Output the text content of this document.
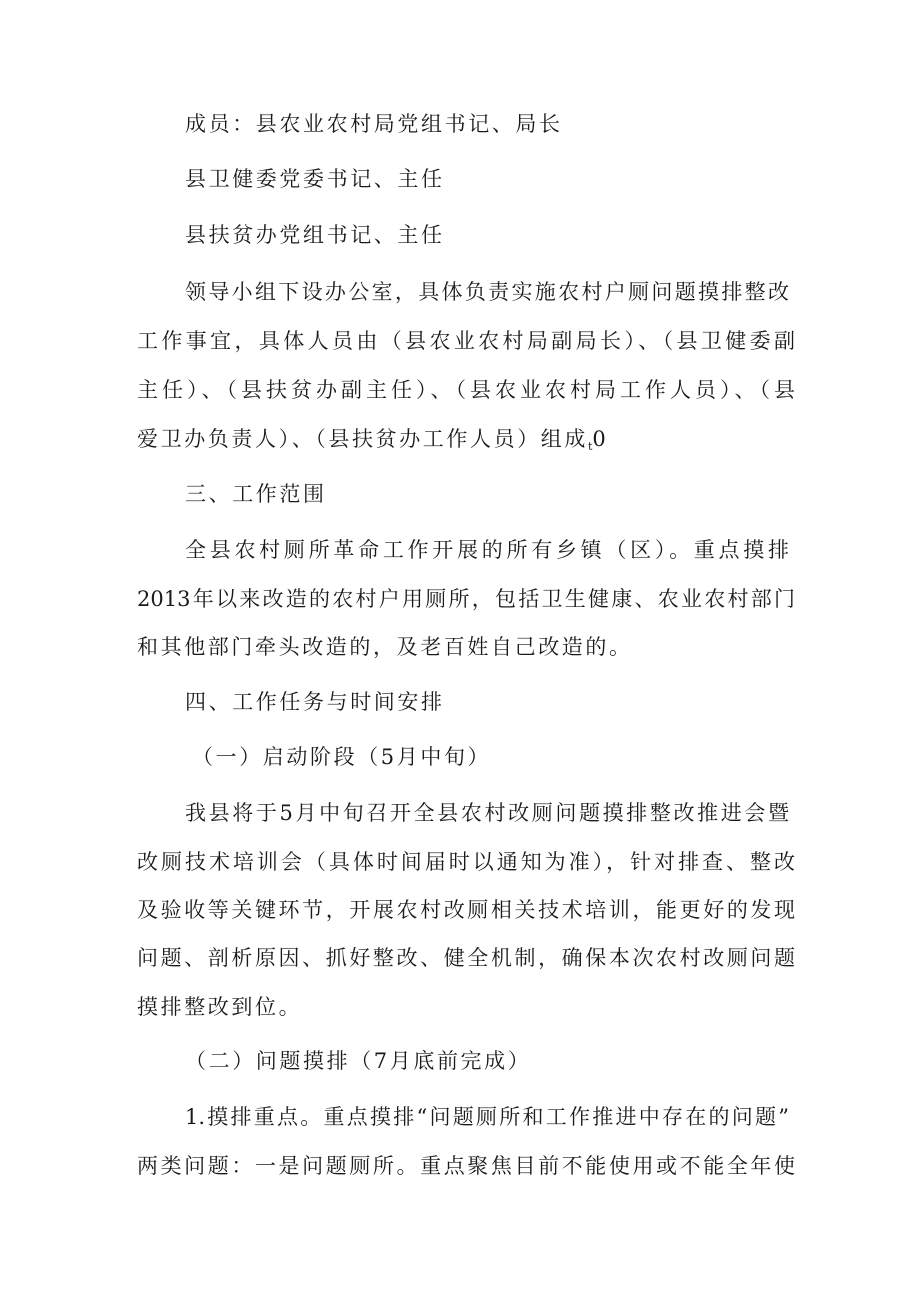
成员：县农业农村局党组书记、局长
县卫健委党委书记、主任
县扶贫办党组书记、主任
领导小组下设办公室，具体负责实施农村户厕问题摸排整改
工作事宜，具体人员由（县农业农村局副局长）、（县卫健委副
主任）、（县扶贫办副主任）、（县农业农村局工作人员）、（县
爱卫办负责人）、（县扶贫办工作人员）组成$_t$0
三、工作范围
全县农村厕所革命工作开展的所有乡镇（区）。重点摸排
2013年以来改造的农村户用厕所，包括卫生健康、农业农村部门
和其他部门牵头改造的，及老百姓自己改造的。
四、工作任务与时间安排
（一）启动阶段（5月中旬）
我县将于5月中旬召开全县农村改厕问题摸排整改推进会暨
改厕技术培训会（具体时间届时以通知为准），针对排查、整改
及验收等关键环节，开展农村改厕相关技术培训，能更好的发现
问题、剖析原因、抓好整改、健全机制，确保本次农村改厕问题
摸排整改到位。
（二）问题摸排（7月底前完成）
1.摸排重点。重点摸排“问题厕所和工作推进中存在的问题”
两类问题：一是问题厕所。重点聚焦目前不能使用或不能全年使
